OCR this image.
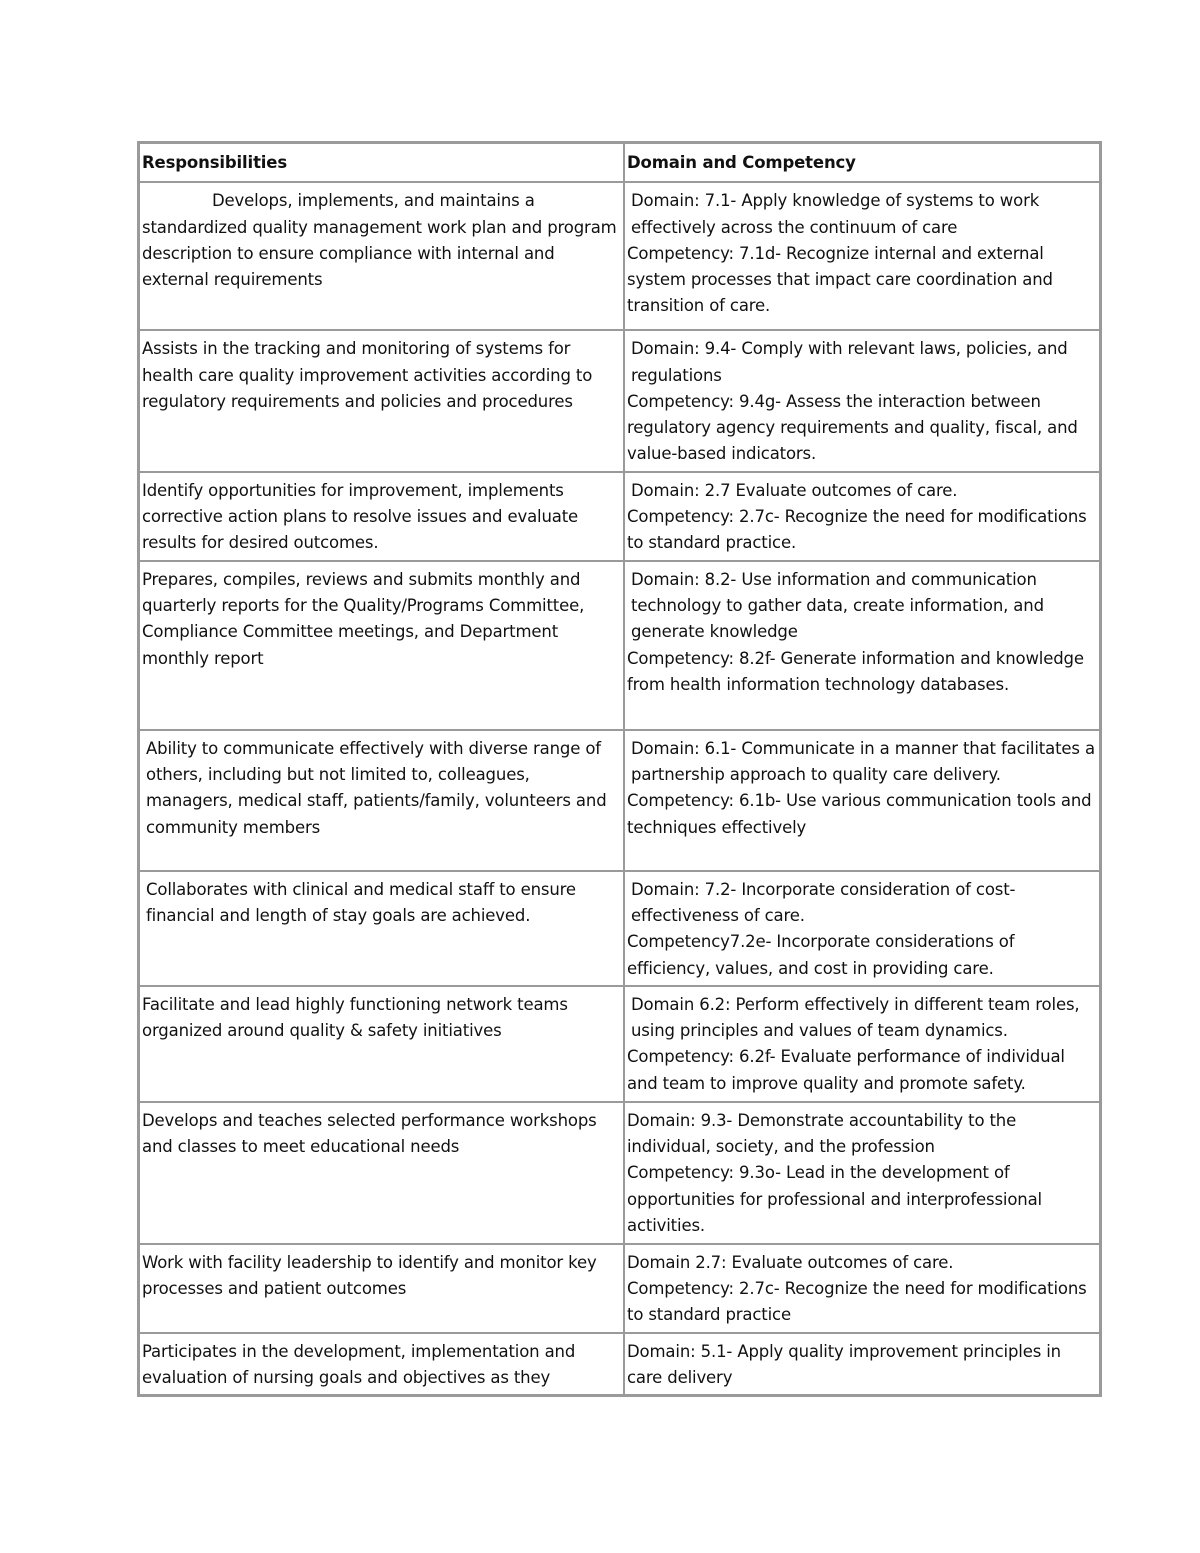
Responsibilities	Domain and Competency

Develops, implements, and maintains a standardized quality management work plan and program description to ensure compliance with internal and external requirements	Domain: 7.1- Apply knowledge of systems to work effectively across the continuum of care
Competency: 7.1d- Recognize internal and external system processes that impact care coordination and transition of care.

Assists in the tracking and monitoring of systems for health care quality improvement activities according to regulatory requirements and policies and procedures	Domain: 9.4- Comply with relevant laws, policies, and regulations
Competency: 9.4g- Assess the interaction between regulatory agency requirements and quality, fiscal, and value-based indicators.

Identify opportunities for improvement, implements corrective action plans to resolve issues and evaluate results for desired outcomes.	Domain: 2.7 Evaluate outcomes of care.
Competency: 2.7c- Recognize the need for modifications to standard practice.

Prepares, compiles, reviews and submits monthly and quarterly reports for the Quality/Programs Committee, Compliance Committee meetings, and Department monthly report	Domain: 8.2- Use information and communication technology to gather data, create information, and generate knowledge
Competency: 8.2f- Generate information and knowledge from health information technology databases.

Ability to communicate effectively with diverse range of others, including but not limited to, colleagues, managers, medical staff, patients/family, volunteers and community members	Domain: 6.1- Communicate in a manner that facilitates a partnership approach to quality care delivery.
Competency: 6.1b- Use various communication tools and techniques effectively

Collaborates with clinical and medical staff to ensure financial and length of stay goals are achieved.	Domain: 7.2- Incorporate consideration of cost-effectiveness of care.
Competency7.2e- Incorporate considerations of efficiency, values, and cost in providing care.

Facilitate and lead highly functioning network teams organized around quality & safety initiatives	Domain 6.2: Perform effectively in different team roles, using principles and values of team dynamics.
Competency: 6.2f- Evaluate performance of individual and team to improve quality and promote safety.

Develops and teaches selected performance workshops and classes to meet educational needs	Domain: 9.3- Demonstrate accountability to the individual, society, and the profession
Competency: 9.3o- Lead in the development of opportunities for professional and interprofessional activities.

Work with facility leadership to identify and monitor key processes and patient outcomes	Domain 2.7: Evaluate outcomes of care.
Competency: 2.7c- Recognize the need for modifications to standard practice

Participates in the development, implementation and evaluation of nursing goals and objectives as they	Domain: 5.1- Apply quality improvement principles in care delivery
